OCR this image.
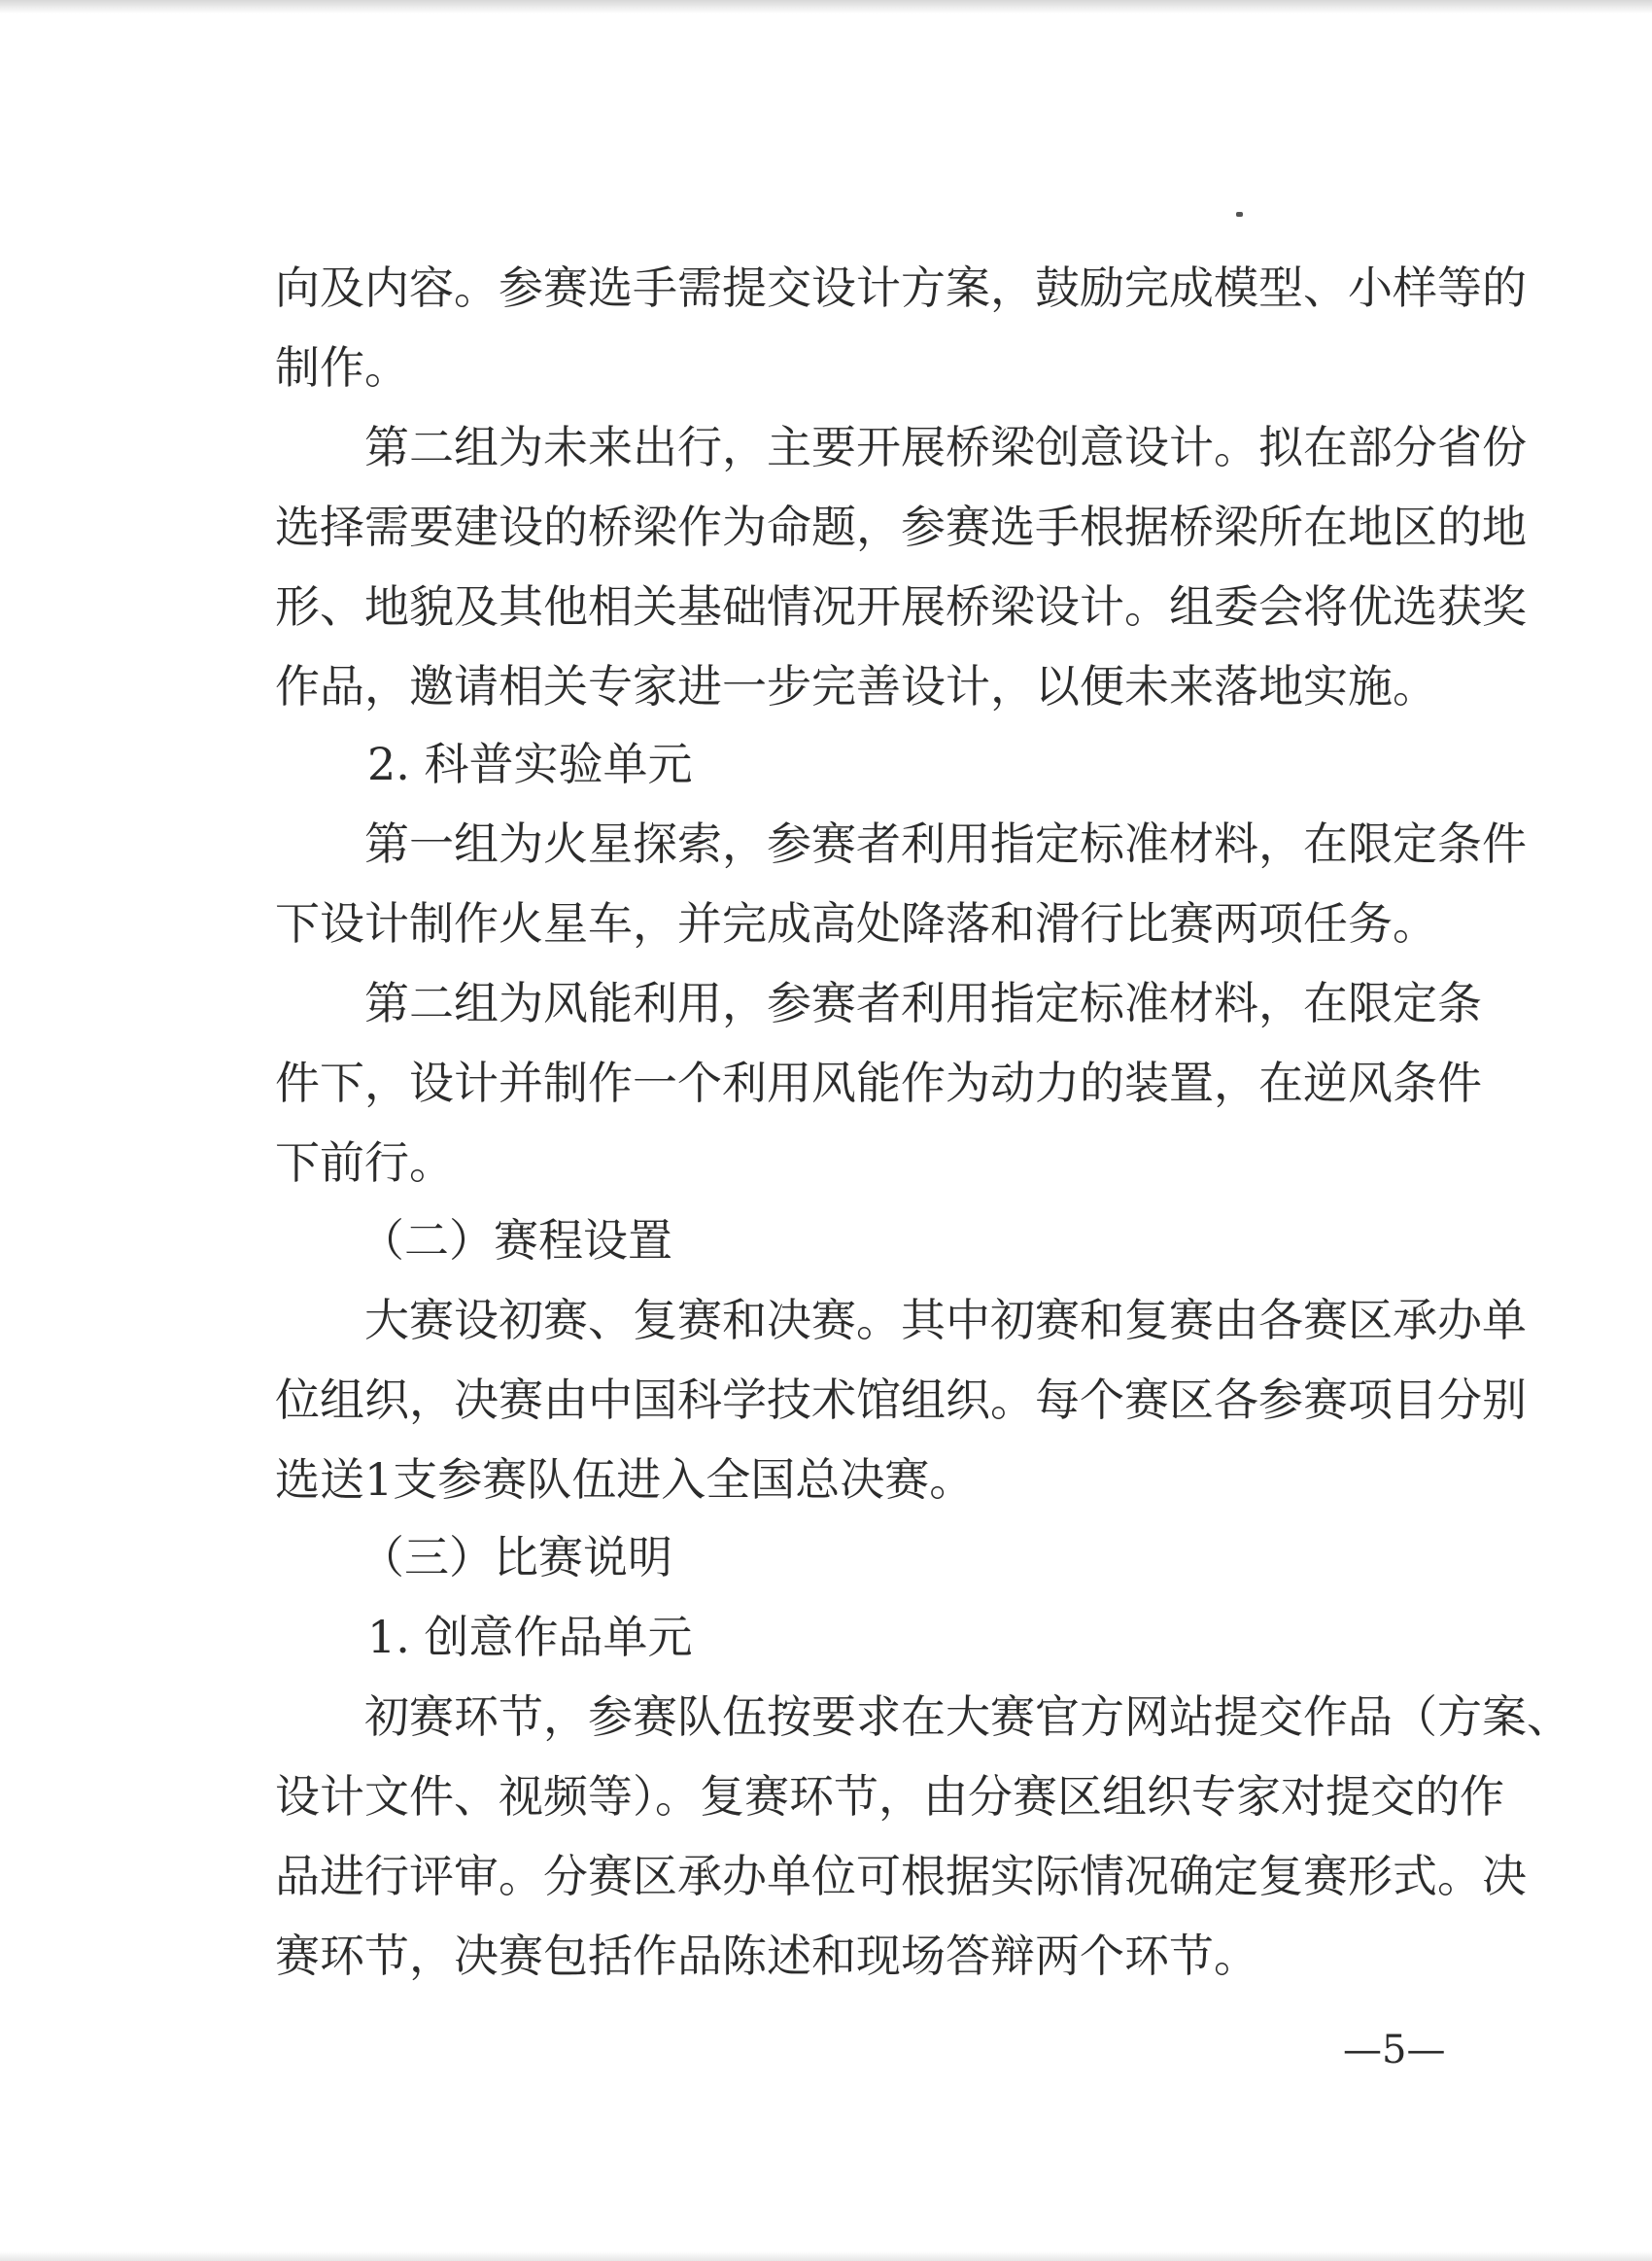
向及内容。参赛选手需提交设计方案，鼓励完成模型、小样等的
制作。
第二组为未来出行，主要开展桥梁创意设计。拟在部分省份
选择需要建设的桥梁作为命题，参赛选手根据桥梁所在地区的地
形、地貌及其他相关基础情况开展桥梁设计。组委会将优选获奖
作品，邀请相关专家进一步完善设计，以便未来落地实施。
2. 科普实验单元
第一组为火星探索，参赛者利用指定标准材料，在限定条件
下设计制作火星车，并完成高处降落和滑行比赛两项任务。
第二组为风能利用，参赛者利用指定标准材料，在限定条
件下，设计并制作一个利用风能作为动力的装置，在逆风条件
下前行。
（二）赛程设置
大赛设初赛、复赛和决赛。其中初赛和复赛由各赛区承办单
位组织，决赛由中国科学技术馆组织。每个赛区各参赛项目分别
选送1支参赛队伍进入全国总决赛。
（三）比赛说明
1. 创意作品单元
初赛环节，参赛队伍按要求在大赛官方网站提交作品（方案、
设计文件、视频等）。复赛环节，由分赛区组织专家对提交的作
品进行评审。分赛区承办单位可根据实际情况确定复赛形式。决
赛环节，决赛包括作品陈述和现场答辩两个环节。
—5—
